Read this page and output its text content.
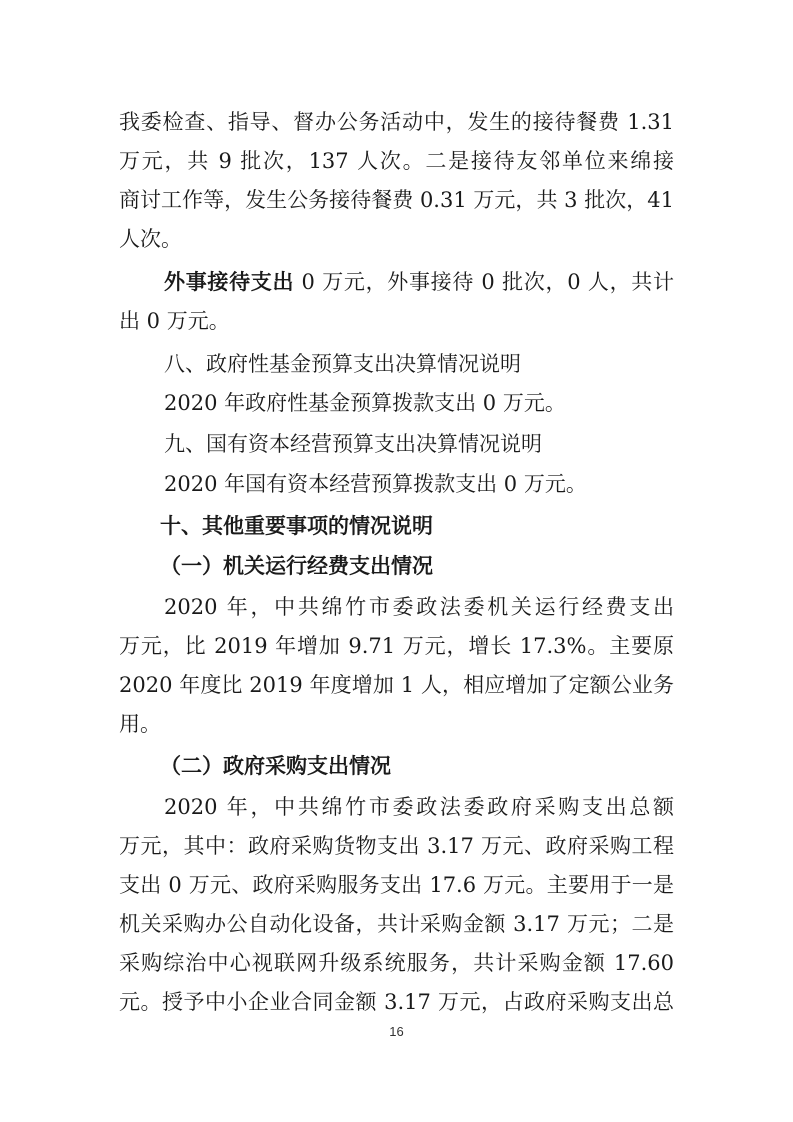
我委检查、指导、督办公务活动中，发生的接待餐费 1.31
万元，共 9 批次，137 人次。二是接待友邻单位来绵接
商讨工作等，发生公务接待餐费 0.31 万元，共 3 批次，41
人次。
外事接待支出 0 万元，外事接待 0 批次，0 人，共计
出 0 万元。
八、政府性基金预算支出决算情况说明
2020 年政府性基金预算拨款支出 0 万元。
九、国有资本经营预算支出决算情况说明
2020 年国有资本经营预算拨款支出 0 万元。
十、其他重要事项的情况说明
（一）机关运行经费支出情况
2020 年，中共绵竹市委政法委机关运行经费支出
万元，比 2019 年增加 9.71 万元，增长 17.3%。主要原
2020 年度比 2019 年度增加 1 人，相应增加了定额公业务
用。
（二）政府采购支出情况
2020 年，中共绵竹市委政法委政府采购支出总额
万元，其中：政府采购货物支出 3.17 万元、政府采购工程
支出 0 万元、政府采购服务支出 17.6 万元。主要用于一是
机关采购办公自动化设备，共计采购金额 3.17 万元；二是
采购综治中心视联网升级系统服务，共计采购金额 17.60
元。授予中小企业合同金额 3.17 万元，占政府采购支出总
16
